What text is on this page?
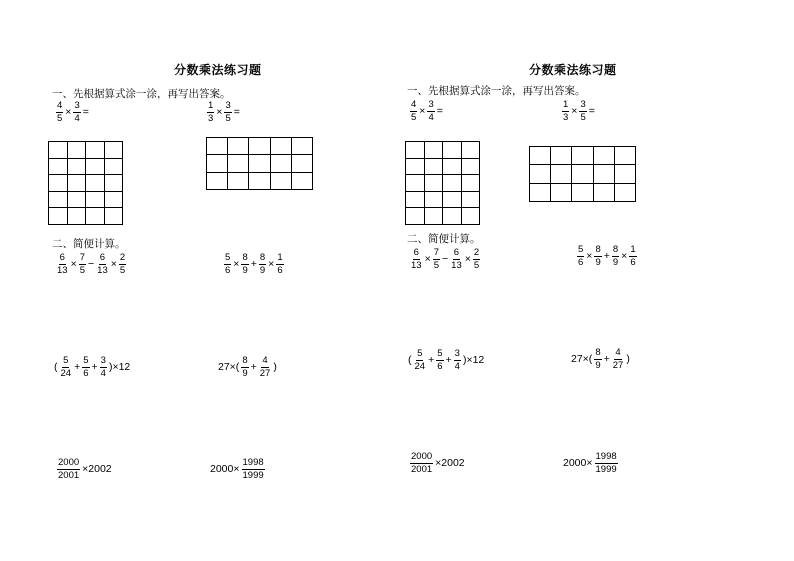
分数乘法练习题
一、先根据算式涂一涂，再写出答案。
$\frac{4}{5} \times \frac{3}{4}$ =	$\frac{1}{3} \times \frac{3}{5}$ =

二、简便计算。
$\frac{6}{13} \times \frac{7}{5} - \frac{6}{13} \times \frac{2}{5}$	$\frac{5}{6} \times \frac{8}{9} + \frac{8}{9} \times \frac{1}{6}$
( $\frac{5}{24} + \frac{5}{6} + \frac{3}{4} )\times 12$	$27\times( \frac{8}{9} + \frac{4}{27}$ )
$\frac{2000}{2001} \times 2002$	$2000\times \frac{1998}{1999}$
分数乘法练习题
一、先根据算式涂一涂，再写出答案。
$\frac{4}{5} \times \frac{3}{4}$ =	$\frac{1}{3} \times \frac{3}{5}$ =

二、简便计算。
$\frac{6}{13} \times \frac{7}{5} - \frac{6}{13} \times \frac{2}{5}$	$\frac{5}{6} \times \frac{8}{9} + \frac{8}{9} \times \frac{1}{6}$
( $\frac{5}{24} + \frac{5}{6} + \frac{3}{4} )\times 12$	$27\times( \frac{8}{9} + \frac{4}{27}$ )
$\frac{2000}{2001} \times 2002$	$2000\times \frac{1998}{1999}$
